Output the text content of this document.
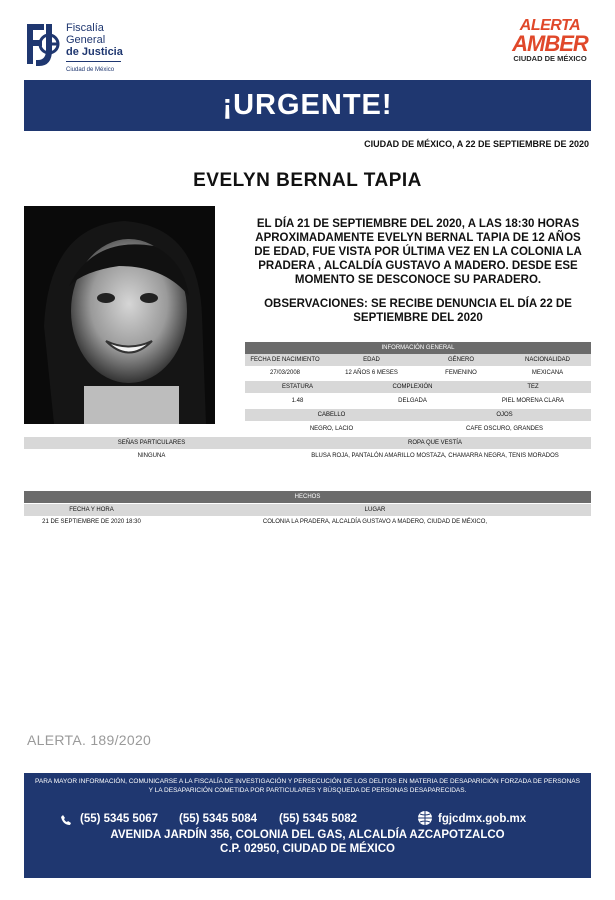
Fiscalía
General
de Justicia
Ciudad de México
ALERTA
AMBER
CIUDAD DE MÉXICO
¡URGENTE!
CIUDAD DE MÉXICO, A 22 DE SEPTIEMBRE DE 2020
EVELYN BERNAL TAPIA
EL DÍA 21 DE SEPTIEMBRE DEL 2020, A LAS 18:30 HORAS APROXIMADAMENTE EVELYN BERNAL TAPIA DE 12 AÑOS DE EDAD, FUE VISTA POR ÚLTIMA VEZ EN LA COLONIA LA PRADERA , ALCALDÍA GUSTAVO A MADERO. DESDE ESE MOMENTO SE DESCONOCE SU PARADERO.
OBSERVACIONES: SE RECIBE DENUNCIA EL DÍA 22 DE SEPTIEMBRE DEL 2020
INFORMACIÓN GENERAL
FECHA DE NACIMIENTO	EDAD	GÉNERO	NACIONALIDAD
27/03/2008	12 AÑOS 6 MESES	FEMENINO	MEXICANA
ESTATURA	COMPLEXIÓN	TEZ
1.48	DELGADA	PIEL MORENA CLARA
CABELLO	OJOS
NEGRO, LACIO	CAFE OSCURO, GRANDES
SEÑAS PARTICULARES	ROPA QUE VESTÍA
NINGUNA	BLUSA ROJA, PANTALÓN AMARILLO MOSTAZA, CHAMARRA NEGRA, TENIS MORADOS
HECHOS
FECHA Y HORA	LUGAR
21 DE SEPTIEMBRE DE 2020 18:30	COLONIA LA PRADERA, ALCALDÍA GUSTAVO A MADERO, CIUDAD DE MÉXICO,
ALERTA. 189/2020
PARA MAYOR INFORMACIÓN, COMUNICARSE A LA FISCALÍA DE INVESTIGACIÓN Y PERSECUCIÓN DE LOS DELITOS EN MATERIA DE DESAPARICIÓN FORZADA DE PERSONAS Y LA DESAPARICIÓN COMETIDA POR PARTICULARES Y BÚSQUEDA DE PERSONAS DESAPARECIDAS.
(55) 5345 5067 (55) 5345 5084 (55) 5345 5082	fgjcdmx.gob.mx
AVENIDA JARDÍN 356, COLONIA DEL GAS, ALCALDÍA AZCAPOTZALCO
C.P. 02950, CIUDAD DE MÉXICO
